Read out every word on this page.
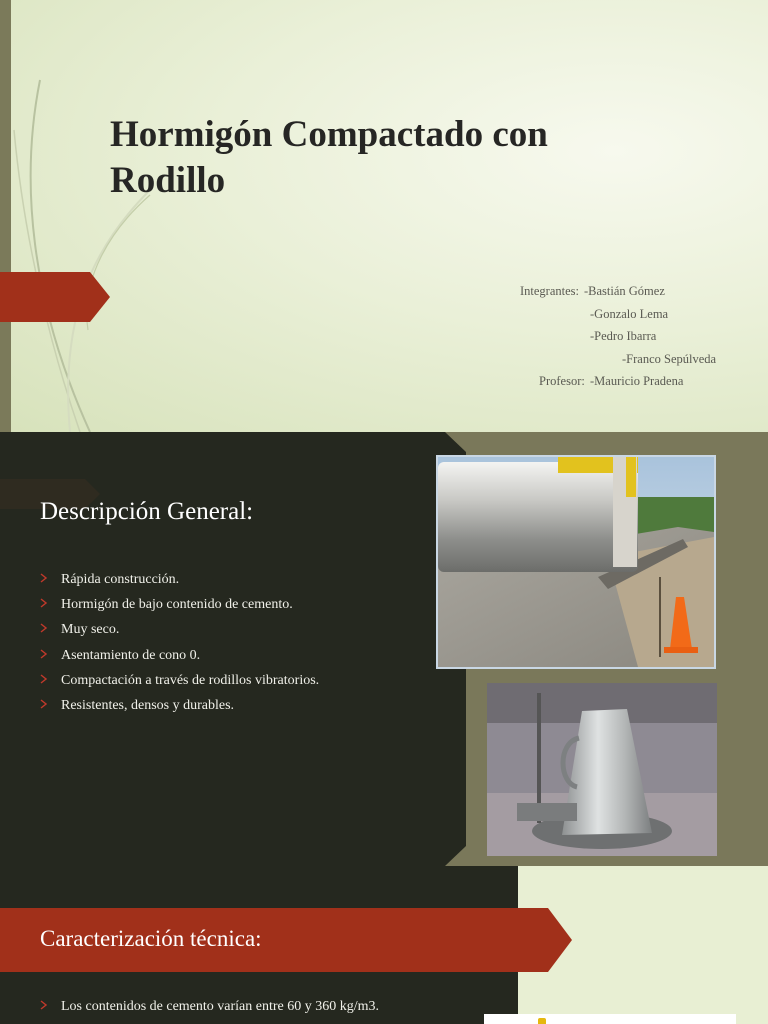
Hormigón Compactado con Rodillo
Integrantes: -Bastián Gómez
-Gonzalo Lema
-Pedro Ibarra
-Franco Sepúlveda
Profesor: -Mauricio Pradena
Descripción General:
Rápida construcción.
Hormigón de bajo contenido de cemento.
Muy seco.
Asentamiento de cono 0.
Compactación a través de rodillos vibratorios.
Resistentes, densos y durables.
Caracterización técnica:
Los contenidos de cemento varían entre 60 y 360 kg/m3.
